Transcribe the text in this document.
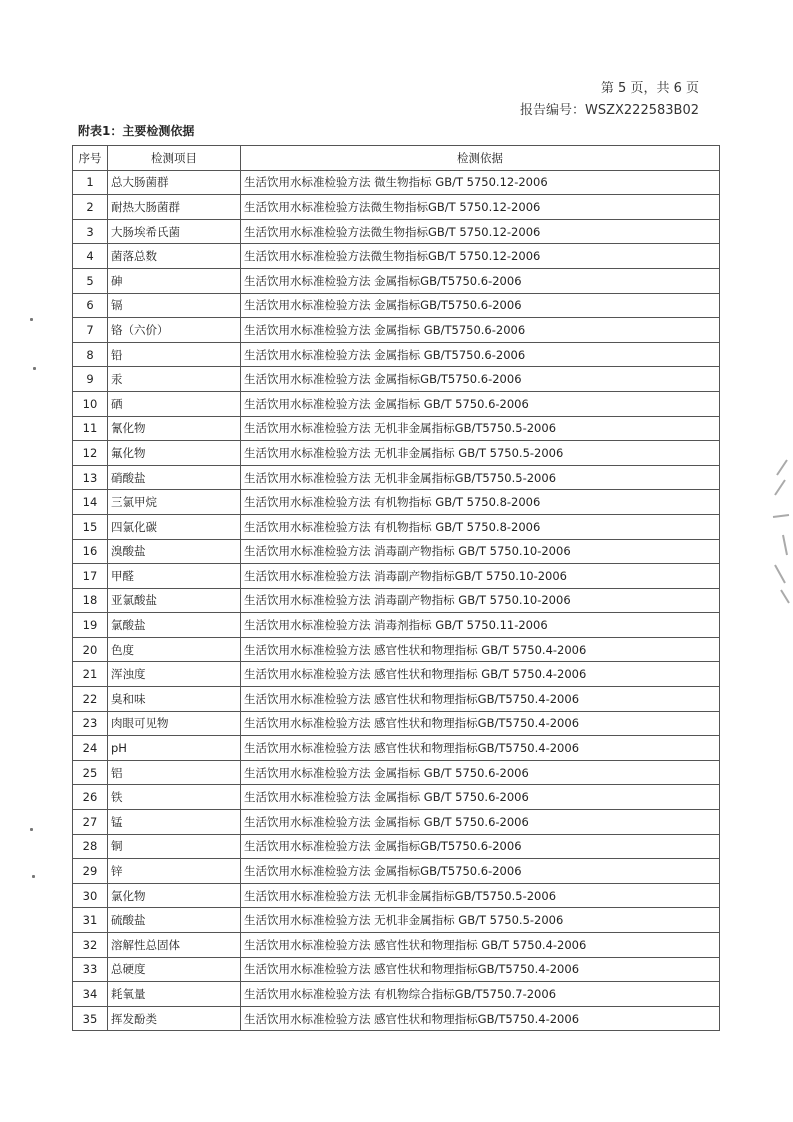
第 5 页，共 6 页
报告编号：WSZX222583B02
附表1：主要检测依据
序号	检测项目	检测依据
1	总大肠菌群	生活饮用水标准检验方法 微生物指标 GB/T 5750.12-2006
2	耐热大肠菌群	生活饮用水标准检验方法微生物指标GB/T 5750.12-2006
3	大肠埃希氏菌	生活饮用水标准检验方法微生物指标GB/T 5750.12-2006
4	菌落总数	生活饮用水标准检验方法微生物指标GB/T 5750.12-2006
5	砷	生活饮用水标准检验方法 金属指标GB/T5750.6-2006
6	镉	生活饮用水标准检验方法 金属指标GB/T5750.6-2006
7	铬（六价）	生活饮用水标准检验方法 金属指标 GB/T5750.6-2006
8	铅	生活饮用水标准检验方法 金属指标 GB/T5750.6-2006
9	汞	生活饮用水标准检验方法 金属指标GB/T5750.6-2006
10	硒	生活饮用水标准检验方法 金属指标 GB/T 5750.6-2006
11	氰化物	生活饮用水标准检验方法 无机非金属指标GB/T5750.5-2006
12	氟化物	生活饮用水标准检验方法 无机非金属指标 GB/T 5750.5-2006
13	硝酸盐	生活饮用水标准检验方法 无机非金属指标GB/T5750.5-2006
14	三氯甲烷	生活饮用水标准检验方法 有机物指标 GB/T 5750.8-2006
15	四氯化碳	生活饮用水标准检验方法 有机物指标 GB/T 5750.8-2006
16	溴酸盐	生活饮用水标准检验方法 消毒副产物指标 GB/T 5750.10-2006
17	甲醛	生活饮用水标准检验方法 消毒副产物指标GB/T 5750.10-2006
18	亚氯酸盐	生活饮用水标准检验方法 消毒副产物指标 GB/T 5750.10-2006
19	氯酸盐	生活饮用水标准检验方法 消毒剂指标 GB/T 5750.11-2006
20	色度	生活饮用水标准检验方法 感官性状和物理指标 GB/T 5750.4-2006
21	浑浊度	生活饮用水标准检验方法 感官性状和物理指标 GB/T 5750.4-2006
22	臭和味	生活饮用水标准检验方法 感官性状和物理指标GB/T5750.4-2006
23	肉眼可见物	生活饮用水标准检验方法 感官性状和物理指标GB/T5750.4-2006
24	pH	生活饮用水标准检验方法 感官性状和物理指标GB/T5750.4-2006
25	铝	生活饮用水标准检验方法 金属指标 GB/T 5750.6-2006
26	铁	生活饮用水标准检验方法 金属指标 GB/T 5750.6-2006
27	锰	生活饮用水标准检验方法 金属指标 GB/T 5750.6-2006
28	铜	生活饮用水标准检验方法 金属指标GB/T5750.6-2006
29	锌	生活饮用水标准检验方法 金属指标GB/T5750.6-2006
30	氯化物	生活饮用水标准检验方法 无机非金属指标GB/T5750.5-2006
31	硫酸盐	生活饮用水标准检验方法 无机非金属指标 GB/T 5750.5-2006
32	溶解性总固体	生活饮用水标准检验方法 感官性状和物理指标 GB/T 5750.4-2006
33	总硬度	生活饮用水标准检验方法 感官性状和物理指标GB/T5750.4-2006
34	耗氧量	生活饮用水标准检验方法 有机物综合指标GB/T5750.7-2006
35	挥发酚类	生活饮用水标准检验方法 感官性状和物理指标GB/T5750.4-2006
